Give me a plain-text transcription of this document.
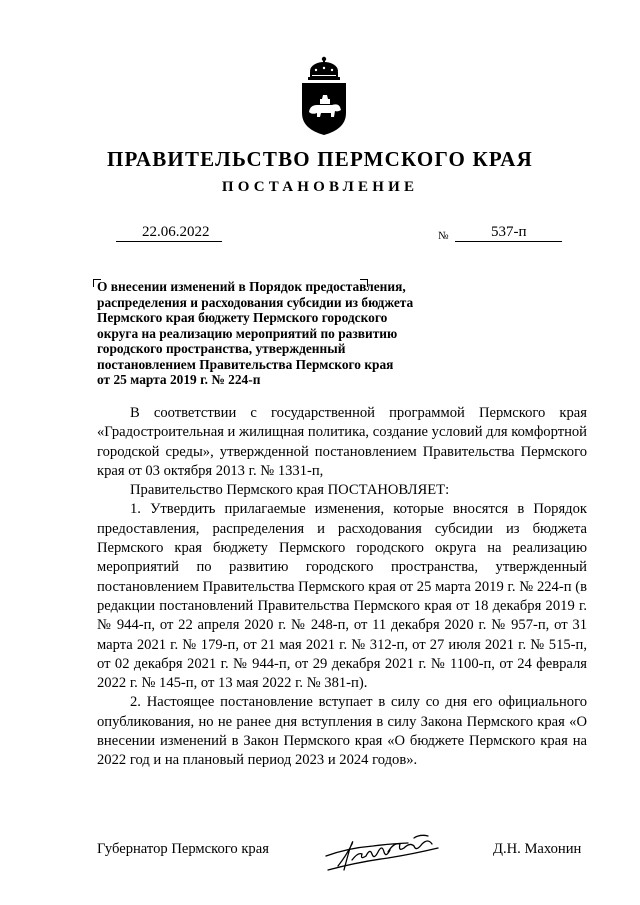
ПРАВИТЕЛЬСТВО ПЕРМСКОГО КРАЯ
ПОСТАНОВЛЕНИЕ
22.06.2022	№	537-п
О внесении изменений в Порядок предоставления,
распределения и расходования субсидии из бюджета
Пермского края бюджету Пермского городского
округа на реализацию мероприятий по развитию
городского пространства, утвержденный
постановлением Правительства Пермского края
от 25 марта 2019 г. № 224-п

В соответствии с государственной программой Пермского края «Градостроительная и жилищная политика, создание условий для комфортной городской среды», утвержденной постановлением Правительства Пермского края от 03 октября 2013 г. № 1331-п,

Правительство Пермского края ПОСТАНОВЛЯЕТ:

1. Утвердить прилагаемые изменения, которые вносятся в Порядок предоставления, распределения и расходования субсидии из бюджета Пермского края бюджету Пермского городского округа на реализацию мероприятий по развитию городского пространства, утвержденный постановлением Правительства Пермского края от 25 марта 2019 г. № 224-п (в редакции постановлений Правительства Пермского края от 18 декабря 2019 г. № 944-п, от 22 апреля 2020 г. № 248-п, от 11 декабря 2020 г. № 957-п, от 31 марта 2021 г. № 179-п, от 21 мая 2021 г. № 312-п, от 27 июля 2021 г. № 515-п, от 02 декабря 2021 г. № 944-п, от 29 декабря 2021 г. № 1100-п, от 24 февраля 2022 г. № 145-п, от 13 мая 2022 г. № 381-п).

2. Настоящее постановление вступает в силу со дня его официального опубликования, но не ранее дня вступления в силу Закона Пермского края «О внесении изменений в Закон Пермского края «О бюджете Пермского края на 2022 год и на плановый период 2023 и 2024 годов».

Губернатор Пермского края	Д.Н. Махонин
